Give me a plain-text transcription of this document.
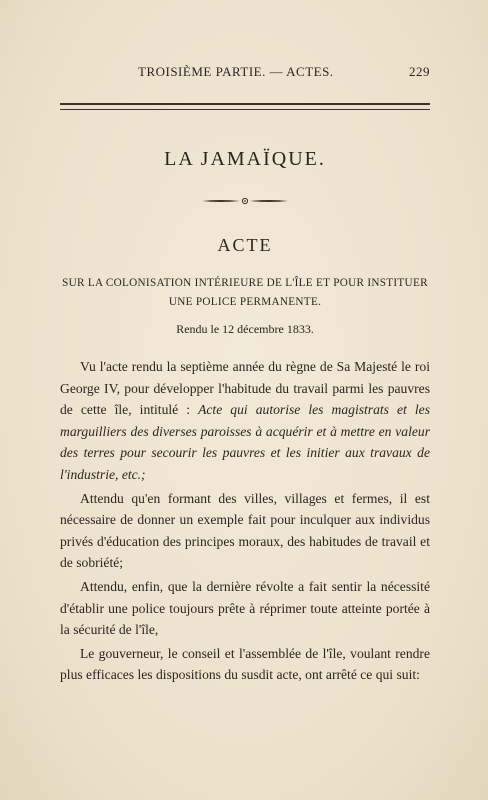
TROISIÈME PARTIE. — ACTES.	229
LA JAMAÏQUE.
ACTE
SUR LA COLONISATION INTÉRIEURE DE L'ÎLE ET POUR INSTITUER UNE POLICE PERMANENTE.
Rendu le 12 décembre 1833.

Vu l'acte rendu la septième année du règne de Sa Majesté le roi George IV, pour développer l'habitude du travail parmi les pauvres de cette île, intitulé : Acte qui autorise les magistrats et les marguilliers des diverses paroisses à acquérir et à mettre en valeur des terres pour secourir les pauvres et les initier aux travaux de l'industrie, etc.;

Attendu qu'en formant des villes, villages et fermes, il est nécessaire de donner un exemple fait pour inculquer aux individus privés d'éducation des principes moraux, des habitudes de travail et de sobriété;

Attendu, enfin, que la dernière révolte a fait sentir la nécessité d'établir une police toujours prête à réprimer toute atteinte portée à la sécurité de l'île,

Le gouverneur, le conseil et l'assemblée de l'île, voulant rendre plus efficaces les dispositions du susdit acte, ont arrêté ce qui suit:
